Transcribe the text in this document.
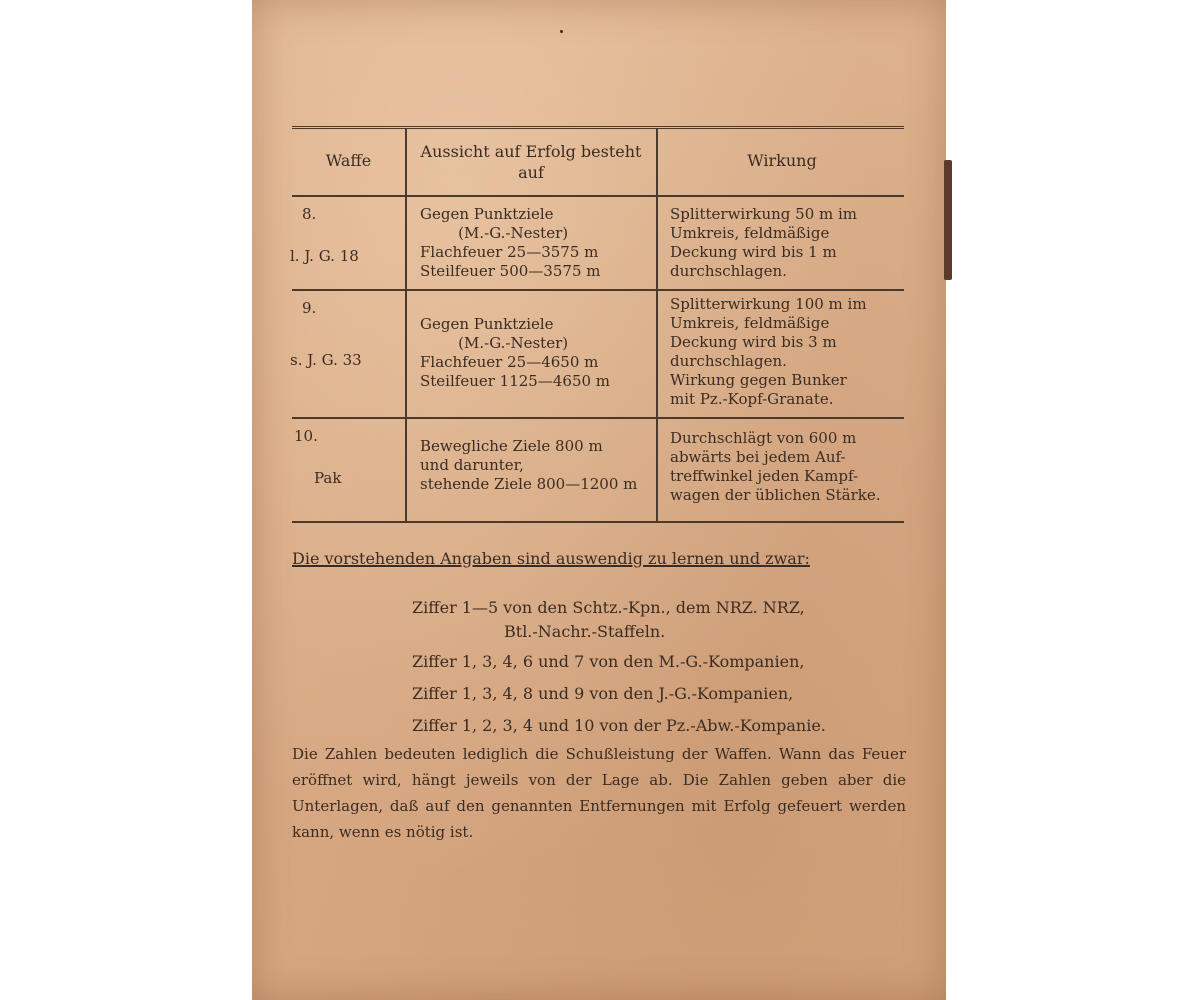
Waffe	Aussicht auf Erfolg besteht auf
Wirkung
8.
l. J. G. 18
Gegen Punktziele
(M.-G.-Nester)
Flachfeuer 25—3575 m
Steilfeuer 500—3575 m
Splitterwirkung 50 m im
Umkreis, feldmäßige
Deckung wird bis 1 m
durchschlagen.
9.
s. J. G. 33
Gegen Punktziele
(M.-G.-Nester)
Flachfeuer 25—4650 m
Steilfeuer 1125—4650 m
Splitterwirkung 100 m im
Umkreis, feldmäßige
Deckung wird bis 3 m
durchschlagen.
Wirkung gegen Bunker
mit Pz.-Kopf-Granate.
10.
Pak
Bewegliche Ziele 800 m
und darunter,
stehende Ziele 800—1200 m
Durchschlägt von 600 m
abwärts bei jedem Auf-
treffwinkel jeden Kampf-
wagen der üblichen Stärke.
Die vorstehenden Angaben sind auswendig zu lernen und zwar:
Ziffer 1—5 von den Schtz.-Kpn., dem NRZ. NRZ,
Btl.-Nachr.-Staffeln.
Ziffer 1, 3, 4, 6 und 7 von den M.-G.-Kompanien,
Ziffer 1, 3, 4, 8 und 9 von den J.-G.-Kompanien,
Ziffer 1, 2, 3, 4 und 10 von der Pz.-Abw.-Kompanie.
Die Zahlen bedeuten lediglich die Schußleistung der Waffen. Wann das Feuer eröffnet wird, hängt jeweils von der Lage ab. Die Zahlen geben aber die Unterlagen, daß auf den genannten Entfernungen mit Erfolg gefeuert werden kann, wenn es nötig ist.
